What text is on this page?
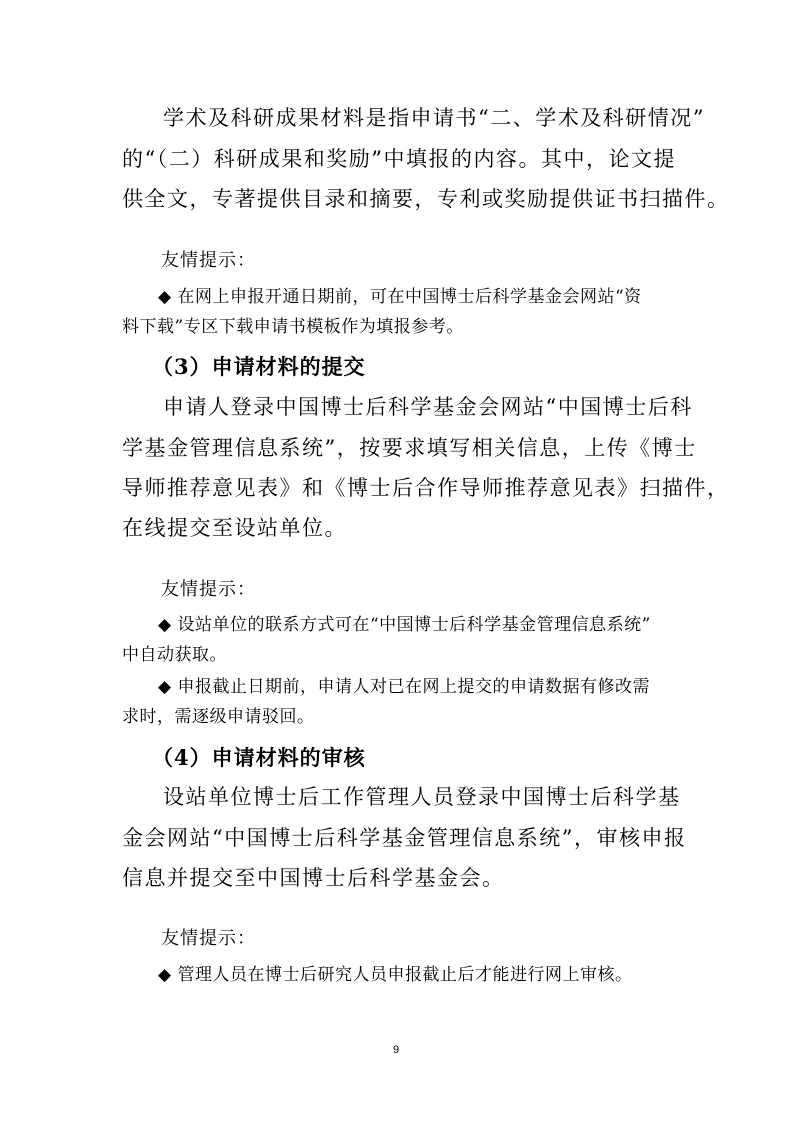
学术及科研成果材料是指申请书“二、学术及科研情况”
的“（二）科研成果和奖励”中填报的内容。其中，论文提
供全文，专著提供目录和摘要，专利或奖励提供证书扫描件。
友情提示：
◆ 在网上申报开通日期前，可在中国博士后科学基金会网站“资
料下载”专区下载申请书模板作为填报参考。
（3）申请材料的提交
申请人登录中国博士后科学基金会网站“中国博士后科
学基金管理信息系统”，按要求填写相关信息，上传《博士
导师推荐意见表》和《博士后合作导师推荐意见表》扫描件，
在线提交至设站单位。
友情提示：
◆ 设站单位的联系方式可在“中国博士后科学基金管理信息系统”
中自动获取。
◆ 申报截止日期前，申请人对已在网上提交的申请数据有修改需
求时，需逐级申请驳回。
（4）申请材料的审核
设站单位博士后工作管理人员登录中国博士后科学基
金会网站“中国博士后科学基金管理信息系统”，审核申报
信息并提交至中国博士后科学基金会。
友情提示：
◆ 管理人员在博士后研究人员申报截止后才能进行网上审核。
9
